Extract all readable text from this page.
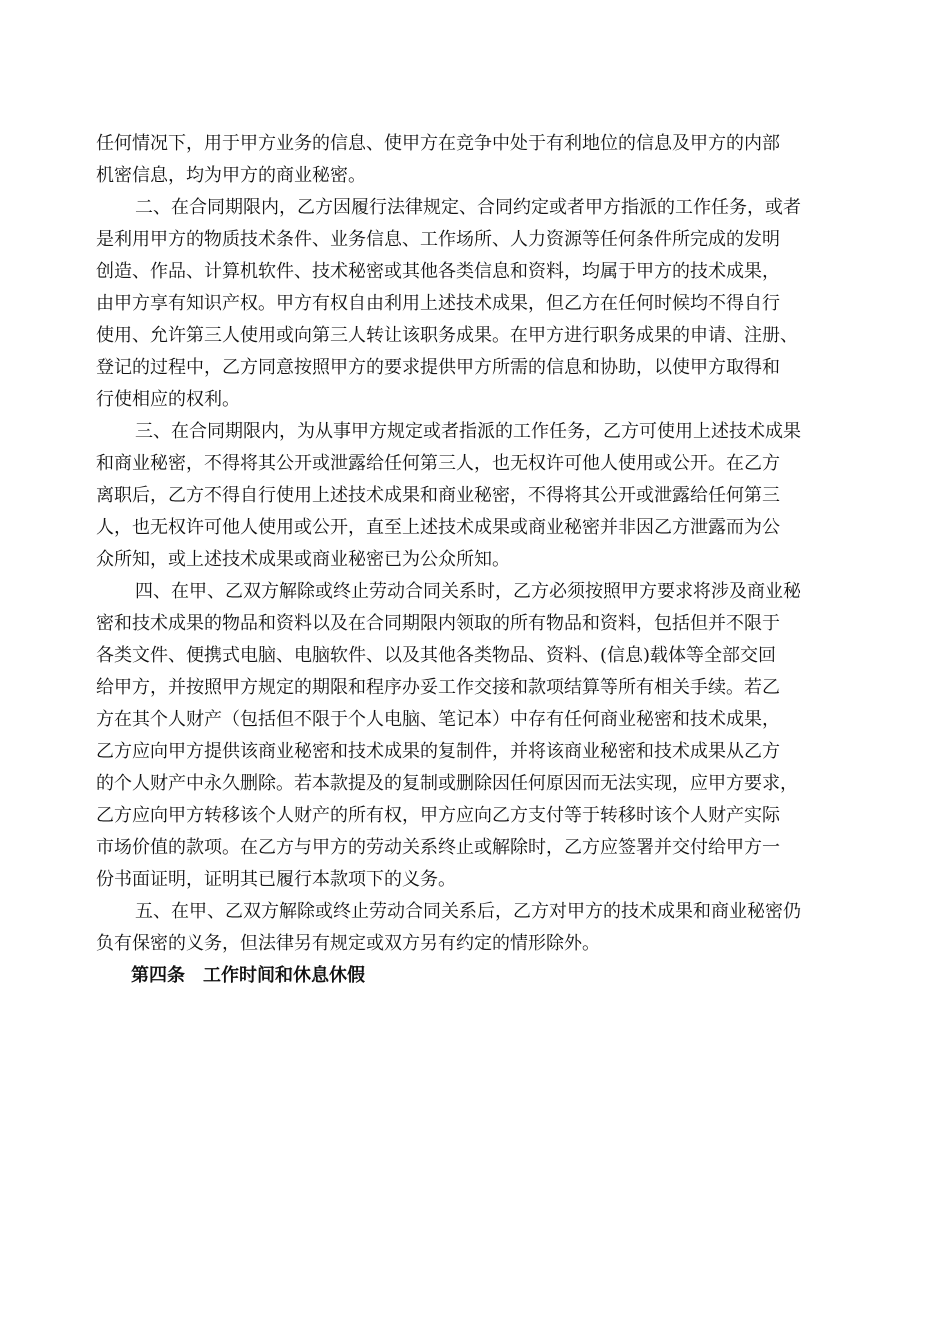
任何情况下，用于甲方业务的信息、使甲方在竞争中处于有利地位的信息及甲方的内部
机密信息，均为甲方的商业秘密。
二、在合同期限内，乙方因履行法律规定、合同约定或者甲方指派的工作任务，或者
是利用甲方的物质技术条件、业务信息、工作场所、人力资源等任何条件所完成的发明
创造、作品、计算机软件、技术秘密或其他各类信息和资料，均属于甲方的技术成果，
由甲方享有知识产权。甲方有权自由利用上述技术成果，但乙方在任何时候均不得自行
使用、允许第三人使用或向第三人转让该职务成果。在甲方进行职务成果的申请、注册、
登记的过程中，乙方同意按照甲方的要求提供甲方所需的信息和协助，以使甲方取得和
行使相应的权利。
三、在合同期限内，为从事甲方规定或者指派的工作任务，乙方可使用上述技术成果
和商业秘密，不得将其公开或泄露给任何第三人，也无权许可他人使用或公开。在乙方
离职后，乙方不得自行使用上述技术成果和商业秘密，不得将其公开或泄露给任何第三
人，也无权许可他人使用或公开，直至上述技术成果或商业秘密并非因乙方泄露而为公
众所知，或上述技术成果或商业秘密已为公众所知。
四、在甲、乙双方解除或终止劳动合同关系时，乙方必须按照甲方要求将涉及商业秘
密和技术成果的物品和资料以及在合同期限内领取的所有物品和资料，包括但并不限于
各类文件、便携式电脑、电脑软件、以及其他各类物品、资料、(信息)载体等全部交回
给甲方，并按照甲方规定的期限和程序办妥工作交接和款项结算等所有相关手续。若乙
方在其个人财产（包括但不限于个人电脑、笔记本）中存有任何商业秘密和技术成果，
乙方应向甲方提供该商业秘密和技术成果的复制件，并将该商业秘密和技术成果从乙方
的个人财产中永久删除。若本款提及的复制或删除因任何原因而无法实现，应甲方要求，
乙方应向甲方转移该个人财产的所有权，甲方应向乙方支付等于转移时该个人财产实际
市场价值的款项。在乙方与甲方的劳动关系终止或解除时，乙方应签署并交付给甲方一
份书面证明，证明其已履行本款项下的义务。
五、在甲、乙双方解除或终止劳动合同关系后，乙方对甲方的技术成果和商业秘密仍
负有保密的义务，但法律另有规定或双方另有约定的情形除外。
第四条 工作时间和休息休假
